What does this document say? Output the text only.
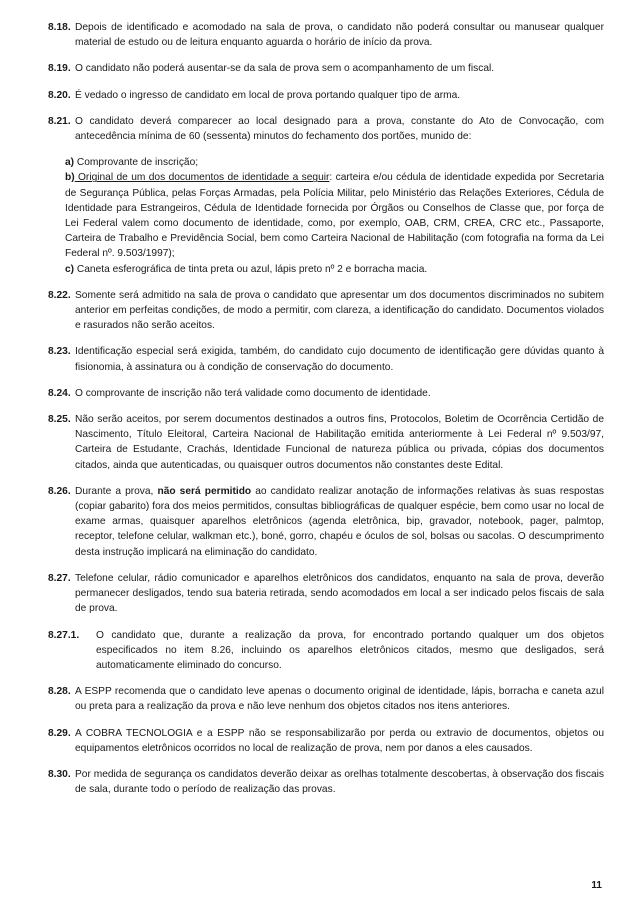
8.18. Depois de identificado e acomodado na sala de prova, o candidato não poderá consultar ou manusear qualquer material de estudo ou de leitura enquanto aguarda o horário de início da prova.
8.19. O candidato não poderá ausentar-se da sala de prova sem o acompanhamento de um fiscal.
8.20. É vedado o ingresso de candidato em local de prova portando qualquer tipo de arma.
8.21. O candidato deverá comparecer ao local designado para a prova, constante do Ato de Convocação, com antecedência mínima de 60 (sessenta) minutos do fechamento dos portões, munido de:

a) Comprovante de inscrição;

b) Original de um dos documentos de identidade a seguir: carteira e/ou cédula de identidade expedida por Secretaria de Segurança Pública, pelas Forças Armadas, pela Polícia Militar, pelo Ministério das Relações Exteriores, Cédula de Identidade para Estrangeiros, Cédula de Identidade fornecida por Órgãos ou Conselhos de Classe que, por força de Lei Federal valem como documento de identidade, como, por exemplo, OAB, CRM, CREA, CRC etc., Passaporte, Carteira de Trabalho e Previdência Social, bem como Carteira Nacional de Habilitação (com fotografia na forma da Lei Federal nº. 9.503/1997);

c) Caneta esferográfica de tinta preta ou azul, lápis preto nº 2 e borracha macia.

8.22. Somente será admitido na sala de prova o candidato que apresentar um dos documentos discriminados no subitem anterior em perfeitas condições, de modo a permitir, com clareza, a identificação do candidato. Documentos violados e rasurados não serão aceitos.
8.23. Identificação especial será exigida, também, do candidato cujo documento de identificação gere dúvidas quanto à fisionomia, à assinatura ou à condição de conservação do documento.
8.24. O comprovante de inscrição não terá validade como documento de identidade.
8.25. Não serão aceitos, por serem documentos destinados a outros fins, Protocolos, Boletim de Ocorrência Certidão de Nascimento, Título Eleitoral, Carteira Nacional de Habilitação emitida anteriormente à Lei Federal nº 9.503/97, Carteira de Estudante, Crachás, Identidade Funcional de natureza pública ou privada, cópias dos documentos citados, ainda que autenticadas, ou quaisquer outros documentos não constantes deste Edital.
8.26. Durante a prova, não será permitido ao candidato realizar anotação de informações relativas às suas respostas (copiar gabarito) fora dos meios permitidos, consultas bibliográficas de qualquer espécie, bem como usar no local de exame armas, quaisquer aparelhos eletrônicos (agenda eletrônica, bip, gravador, notebook, pager, palmtop, receptor, telefone celular, walkman etc.), boné, gorro, chapéu e óculos de sol, bolsas ou sacolas. O descumprimento desta instrução implicará na eliminação do candidato.
8.27. Telefone celular, rádio comunicador e aparelhos eletrônicos dos candidatos, enquanto na sala de prova, deverão permanecer desligados, tendo sua bateria retirada, sendo acomodados em local a ser indicado pelos fiscais de sala de prova.
8.27.1.	O candidato que, durante a realização da prova, for encontrado portando qualquer um dos objetos especificados no item 8.26, incluindo os aparelhos eletrônicos citados, mesmo que desligados, será automaticamente eliminado do concurso.
8.28. A ESPP recomenda que o candidato leve apenas o documento original de identidade, lápis, borracha e caneta azul ou preta para a realização da prova e não leve nenhum dos objetos citados nos itens anteriores.
8.29. A COBRA TECNOLOGIA e a ESPP não se responsabilizarão por perda ou extravio de documentos, objetos ou equipamentos eletrônicos ocorridos no local de realização de prova, nem por danos a eles causados.
8.30. Por medida de segurança os candidatos deverão deixar as orelhas totalmente descobertas, à observação dos fiscais de sala, durante todo o período de realização das provas.
11
